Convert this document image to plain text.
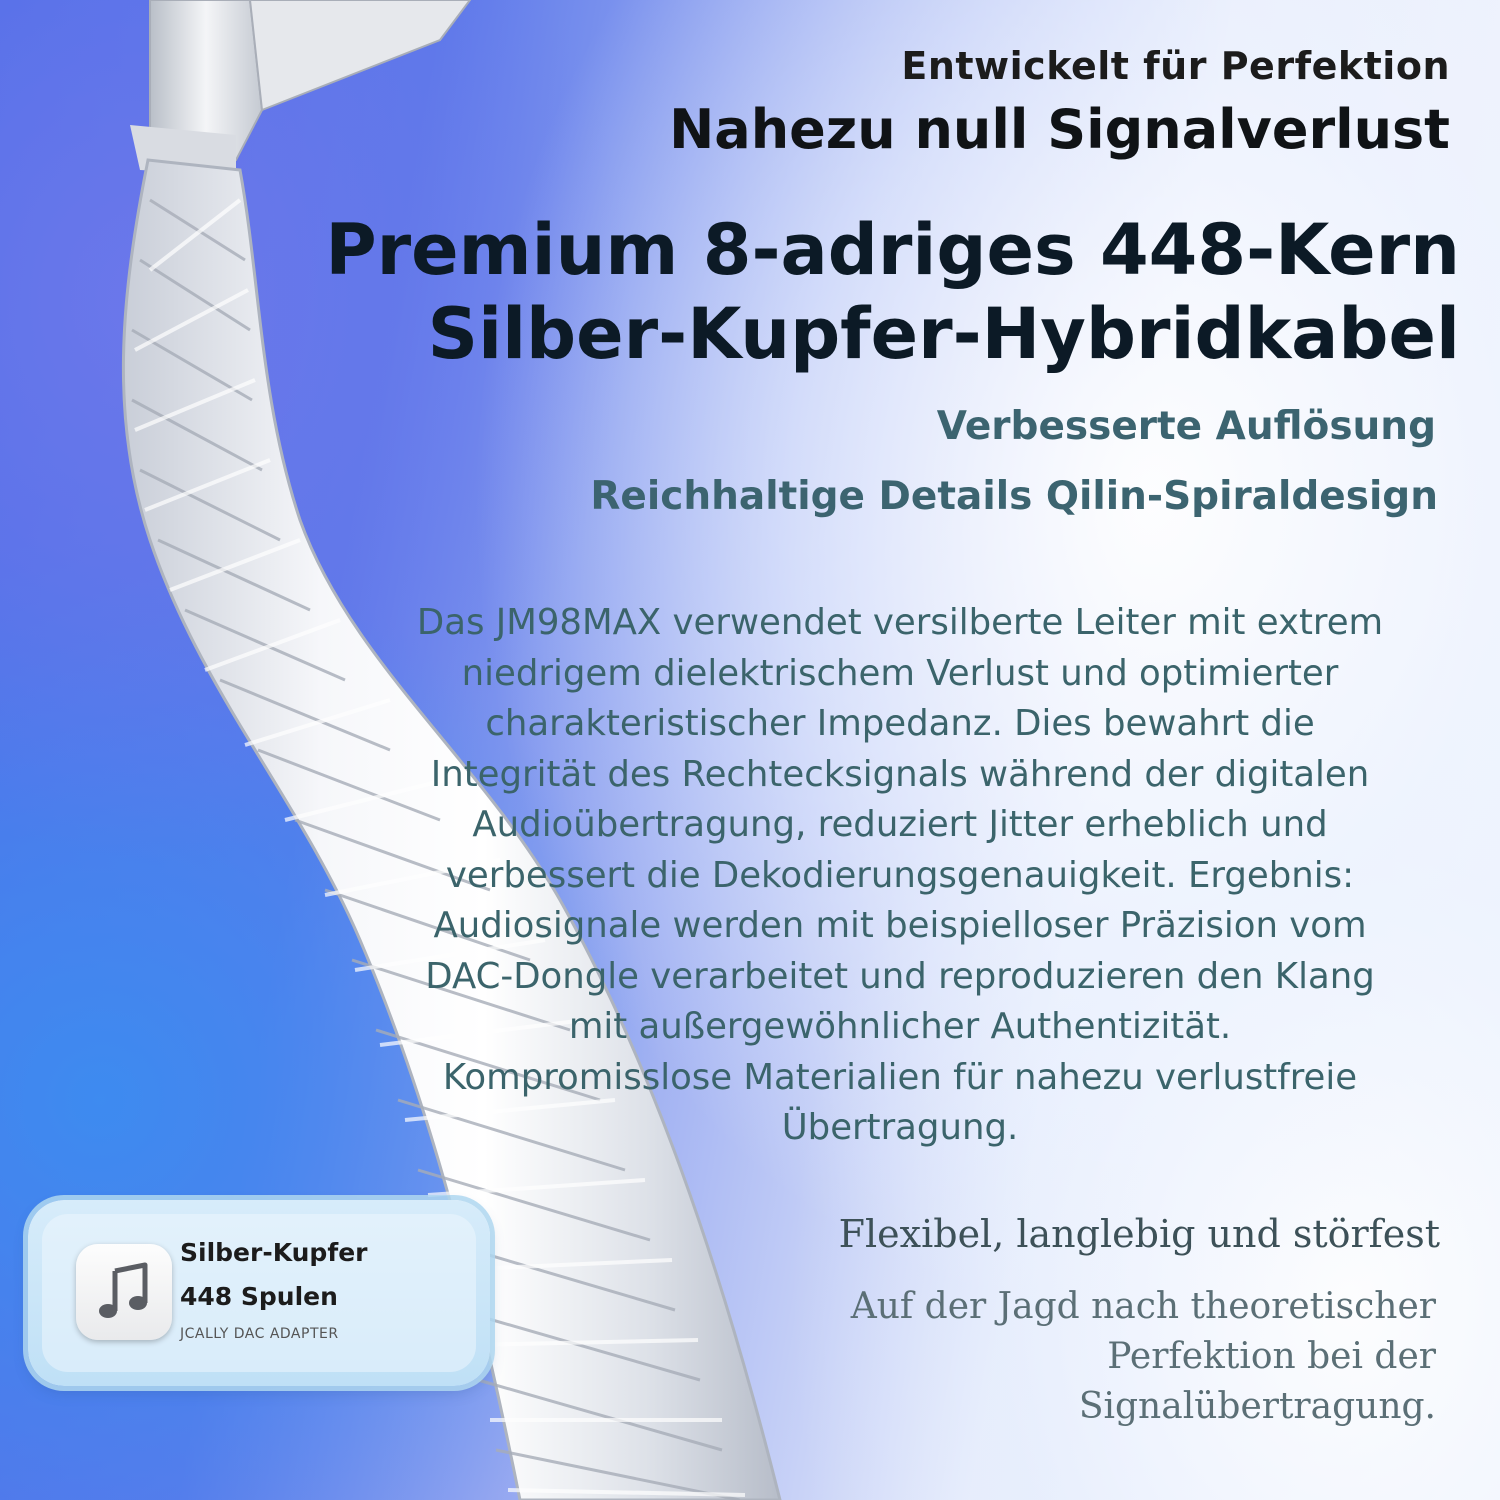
Entwickelt für Perfektion

Nahezu null Signalverlust

Premium 8-adriges 448-Kern
Silber-Kupfer-Hybridkabel

Verbesserte Auflösung

Reichhaltige Details Qilin-Spiraldesign

Das JM98MAX verwendet versilberte Leiter mit extrem
niedrigem dielektrischem Verlust und optimierter
charakteristischer Impedanz. Dies bewahrt die
Integrität des Rechtecksignals während der digitalen
Audioübertragung, reduziert Jitter erheblich und
verbessert die Dekodierungsgenauigkeit. Ergebnis:
Audiosignale werden mit beispielloser Präzision vom
DAC-Dongle verarbeitet und reproduzieren den Klang
mit außergewöhnlicher Authentizität.
Kompromisslose Materialien für nahezu verlustfreie
Übertragung.

Flexibel, langlebig und störfest

Auf der Jagd nach theoretischer
Perfektion bei der
Signalübertragung.

Silber-Kupfer
448 Spulen
JCALLY DAC ADAPTER
